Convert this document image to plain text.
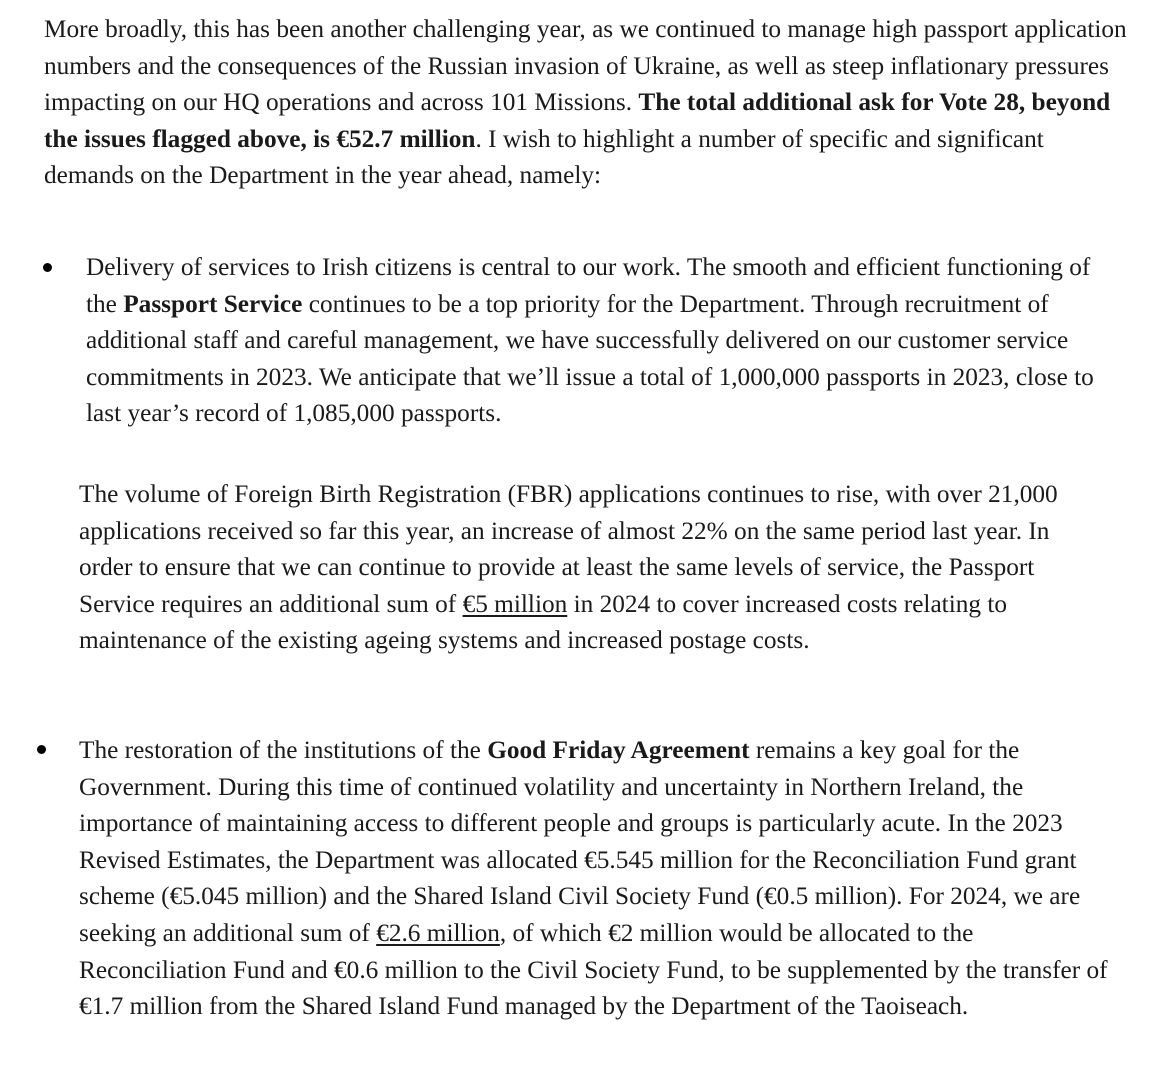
More broadly, this has been another challenging year, as we continued to manage high passport application numbers and the consequences of the Russian invasion of Ukraine, as well as steep inflationary pressures impacting on our HQ operations and across 101 Missions. The total additional ask for Vote 28, beyond the issues flagged above, is €52.7 million. I wish to highlight a number of specific and significant demands on the Department in the year ahead, namely:

Delivery of services to Irish citizens is central to our work. The smooth and efficient functioning of the Passport Service continues to be a top priority for the Department. Through recruitment of additional staff and careful management, we have successfully delivered on our customer service commitments in 2023. We anticipate that we’ll issue a total of 1,000,000 passports in 2023, close to last year’s record of 1,085,000 passports.

The volume of Foreign Birth Registration (FBR) applications continues to rise, with over 21,000 applications received so far this year, an increase of almost 22% on the same period last year. In order to ensure that we can continue to provide at least the same levels of service, the Passport Service requires an additional sum of €5 million in 2024 to cover increased costs relating to maintenance of the existing ageing systems and increased postage costs.

The restoration of the institutions of the Good Friday Agreement remains a key goal for the Government. During this time of continued volatility and uncertainty in Northern Ireland, the importance of maintaining access to different people and groups is particularly acute. In the 2023 Revised Estimates, the Department was allocated €5.545 million for the Reconciliation Fund grant scheme (€5.045 million) and the Shared Island Civil Society Fund (€0.5 million). For 2024, we are seeking an additional sum of €2.6 million, of which €2 million would be allocated to the Reconciliation Fund and €0.6 million to the Civil Society Fund, to be supplemented by the transfer of €1.7 million from the Shared Island Fund managed by the Department of the Taoiseach.
